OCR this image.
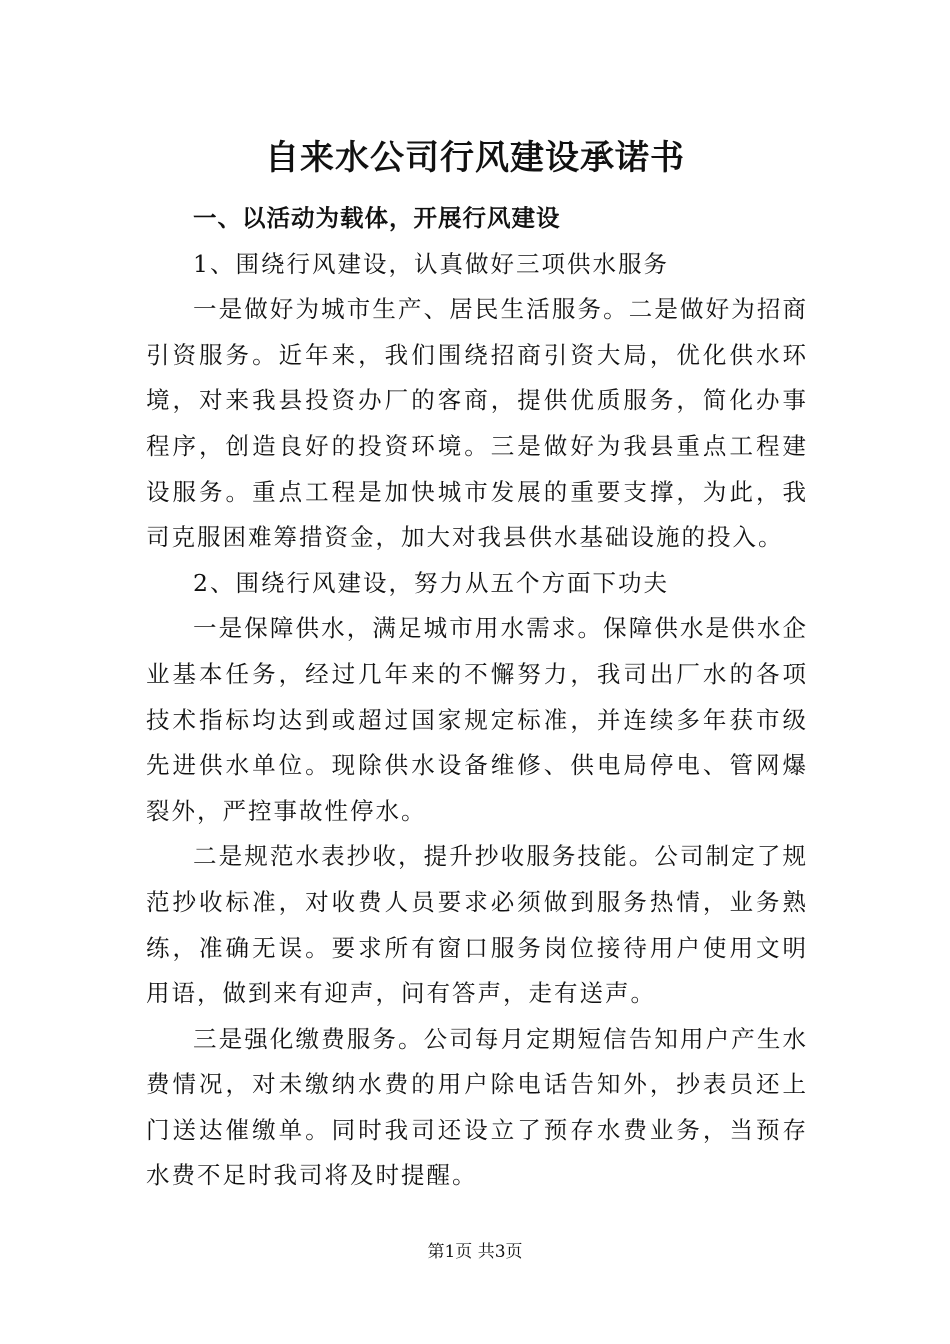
自来水公司行风建设承诺书

一、以活动为载体，开展行风建设

1、围绕行风建设，认真做好三项供水服务

一是做好为城市生产、居民生活服务。二是做好为招商引资服务。近年来，我们围绕招商引资大局，优化供水环境，对来我县投资办厂的客商，提供优质服务，简化办事程序，创造良好的投资环境。三是做好为我县重点工程建设服务。重点工程是加快城市发展的重要支撑，为此，我司克服困难筹措资金，加大对我县供水基础设施的投入。

2、围绕行风建设，努力从五个方面下功夫

一是保障供水，满足城市用水需求。保障供水是供水企业基本任务，经过几年来的不懈努力，我司出厂水的各项技术指标均达到或超过国家规定标准，并连续多年获市级先进供水单位。现除供水设备维修、供电局停电、管网爆裂外，严控事故性停水。

二是规范水表抄收，提升抄收服务技能。公司制定了规范抄收标准，对收费人员要求必须做到服务热情，业务熟练，准确无误。要求所有窗口服务岗位接待用户使用文明用语，做到来有迎声，问有答声，走有送声。

三是强化缴费服务。公司每月定期短信告知用户产生水费情况，对未缴纳水费的用户除电话告知外，抄表员还上门送达催缴单。同时我司还设立了预存水费业务，当预存水费不足时我司将及时提醒。

第1页 共3页
